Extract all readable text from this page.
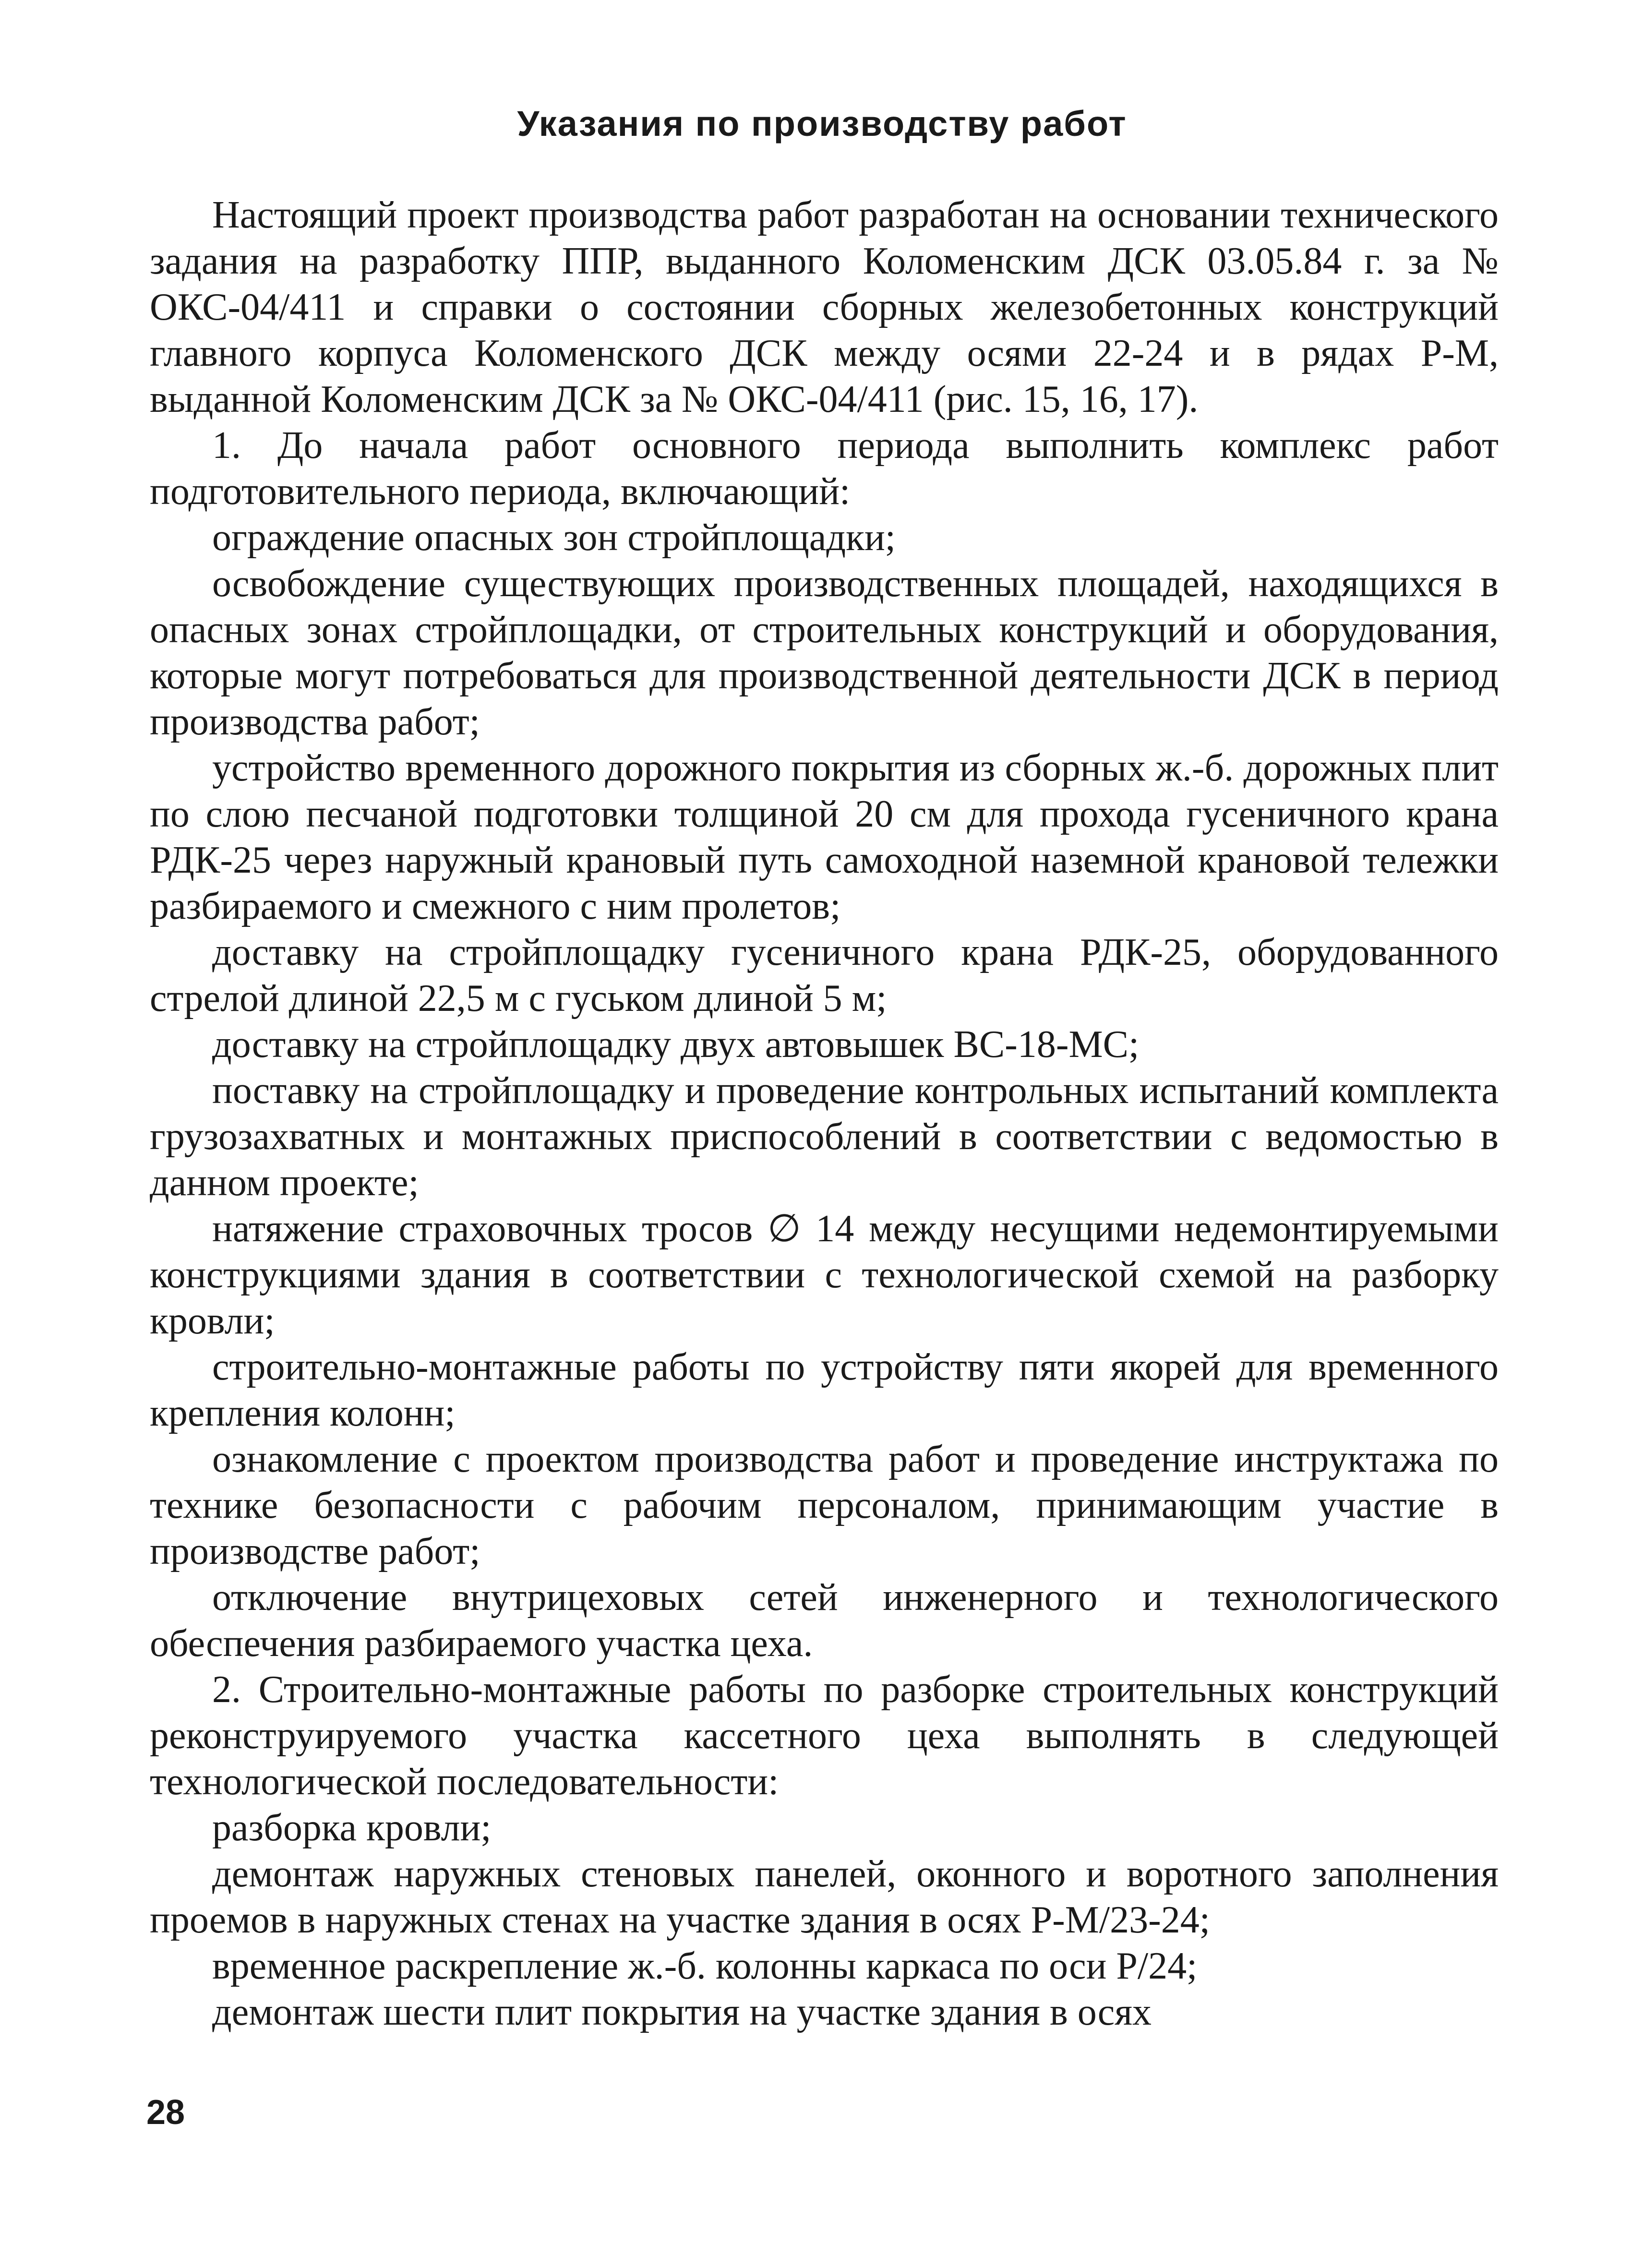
Указания по производству работ

Настоящий проект производства работ разработан на основании технического задания на разработку ППР, выданного Коломенским ДСК 03.05.84 г. за № ОКС-04/411 и справки о состоянии сборных железобетонных конструкций главного корпуса Коломенского ДСК между осями 22-24 и в рядах Р-М, выданной Коломенским ДСК за № ОКС-04/411 (рис. 15, 16, 17).

1. До начала работ основного периода выполнить комплекс работ подготовительного периода, включающий:

ограждение опасных зон стройплощадки;

освобождение существующих производственных площадей, находящихся в опасных зонах стройплощадки, от строительных конструкций и оборудования, которые могут потребоваться для производственной деятельности ДСК в период производства работ;

устройство временного дорожного покрытия из сборных ж.-б. дорожных плит по слою песчаной подготовки толщиной 20 см для прохода гусеничного крана РДК-25 через наружный крановый путь самоходной наземной крановой тележки разбираемого и смежного с ним пролетов;

доставку на стройплощадку гусеничного крана РДК-25, оборудованного стрелой длиной 22,5 м с гуськом длиной 5 м;

доставку на стройплощадку двух автовышек ВС-18-МС;

поставку на стройплощадку и проведение контрольных испытаний комплекта грузозахватных и монтажных приспособлений в соответствии с ведомостью в данном проекте;

натяжение страховочных тросов ∅ 14 между несущими недемонтируемыми конструкциями здания в соответствии с технологической схемой на разборку кровли;

строительно-монтажные работы по устройству пяти якорей для временного крепления колонн;

ознакомление с проектом производства работ и проведение инструктажа по технике безопасности с рабочим персоналом, принимающим участие в производстве работ;

отключение внутрицеховых сетей инженерного и технологического обеспечения разбираемого участка цеха.

2. Строительно-монтажные работы по разборке строительных конструкций реконструируемого участка кассетного цеха выполнять в следующей технологической последовательности:

разборка кровли;

демонтаж наружных стеновых панелей, оконного и воротного заполнения проемов в наружных стенах на участке здания в осях Р-М/23-24;

временное раскрепление ж.-б. колонны каркаса по оси Р/24;

демонтаж шести плит покрытия на участке здания в осях

28
